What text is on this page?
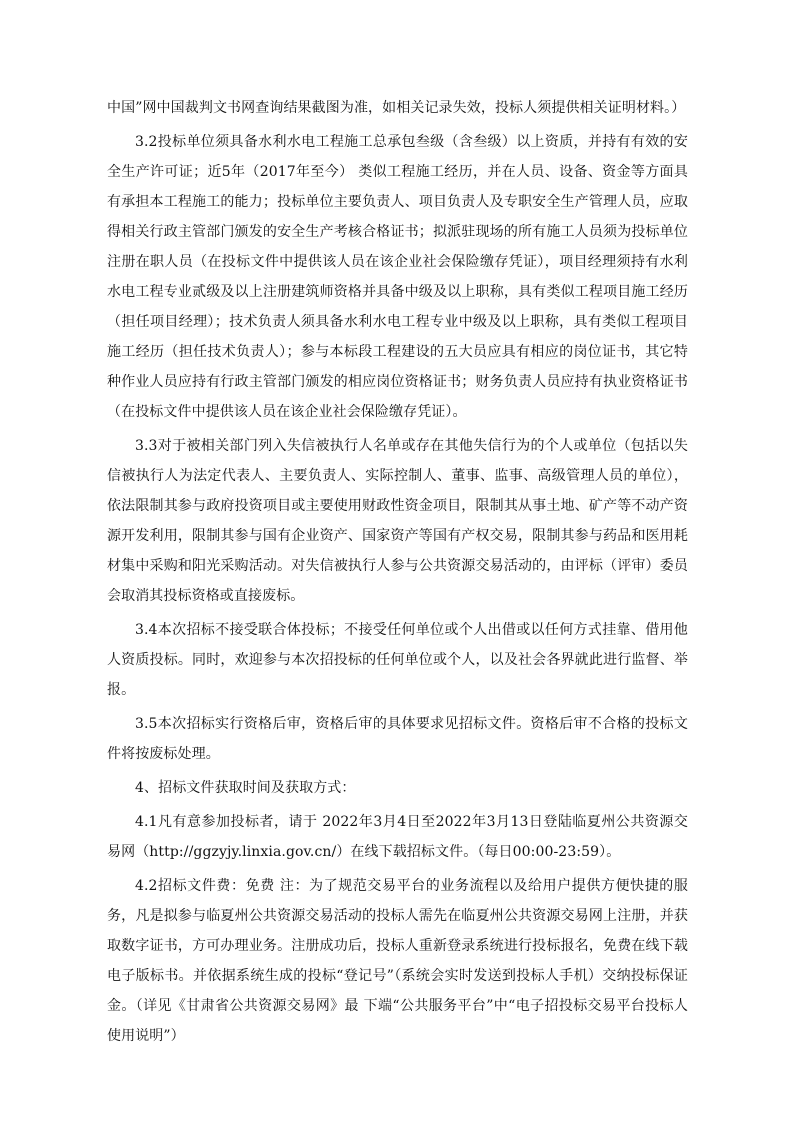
中国”网中国裁判文书网查询结果截图为准，如相关记录失效，投标人须提供相关证明材料。）

3.2投标单位须具备水利水电工程施工总承包叁级（含叁级）以上资质，并持有有效的安全生产许可证；近5年（2017年至今） 类似工程施工经历，并在人员、设备、资金等方面具有承担本工程施工的能力；投标单位主要负责人、项目负责人及专职安全生产管理人员，应取得相关行政主管部门颁发的安全生产考核合格证书；拟派驻现场的所有施工人员须为投标单位注册在职人员（在投标文件中提供该人员在该企业社会保险缴存凭证），项目经理须持有水利水电工程专业贰级及以上注册建筑师资格并具备中级及以上职称，具有类似工程项目施工经历（担任项目经理）；技术负责人须具备水利水电工程专业中级及以上职称，具有类似工程项目施工经历（担任技术负责人）；参与本标段工程建设的五大员应具有相应的岗位证书，其它特种作业人员应持有行政主管部门颁发的相应岗位资格证书；财务负责人员应持有执业资格证书（在投标文件中提供该人员在该企业社会保险缴存凭证）。

3.3对于被相关部门列入失信被执行人名单或存在其他失信行为的个人或单位（包括以失信被执行人为法定代表人、主要负责人、实际控制人、董事、监事、高级管理人员的单位），依法限制其参与政府投资项目或主要使用财政性资金项目，限制其从事土地、矿产等不动产资源开发利用，限制其参与国有企业资产、国家资产等国有产权交易，限制其参与药品和医用耗材集中采购和阳光采购活动。对失信被执行人参与公共资源交易活动的，由评标（评审）委员会取消其投标资格或直接废标。

3.4本次招标不接受联合体投标；不接受任何单位或个人出借或以任何方式挂靠、借用他人资质投标。同时，欢迎参与本次招投标的任何单位或个人，以及社会各界就此进行监督、举报。

3.5本次招标实行资格后审，资格后审的具体要求见招标文件。资格后审不合格的投标文件将按废标处理。

4、招标文件获取时间及获取方式：

4.1凡有意参加投标者，请于 2022年3月4日至2022年3月13日登陆临夏州公共资源交易网（http://ggzyjy.linxia.gov.cn/）在线下载招标文件。（每日00:00-23:59）。

4.2招标文件费：免费 注：为了规范交易平台的业务流程以及给用户提供方便快捷的服务，凡是拟参与临夏州公共资源交易活动的投标人需先在临夏州公共资源交易网上注册，并获取数字证书，方可办理业务。注册成功后，投标人重新登录系统进行投标报名，免费在线下载电子版标书。并依据系统生成的投标“登记号”（系统会实时发送到投标人手机）交纳投标保证金。（详见《甘肃省公共资源交易网》最 下端“公共服务平台”中“电子招投标交易平台投标人使用说明”）
